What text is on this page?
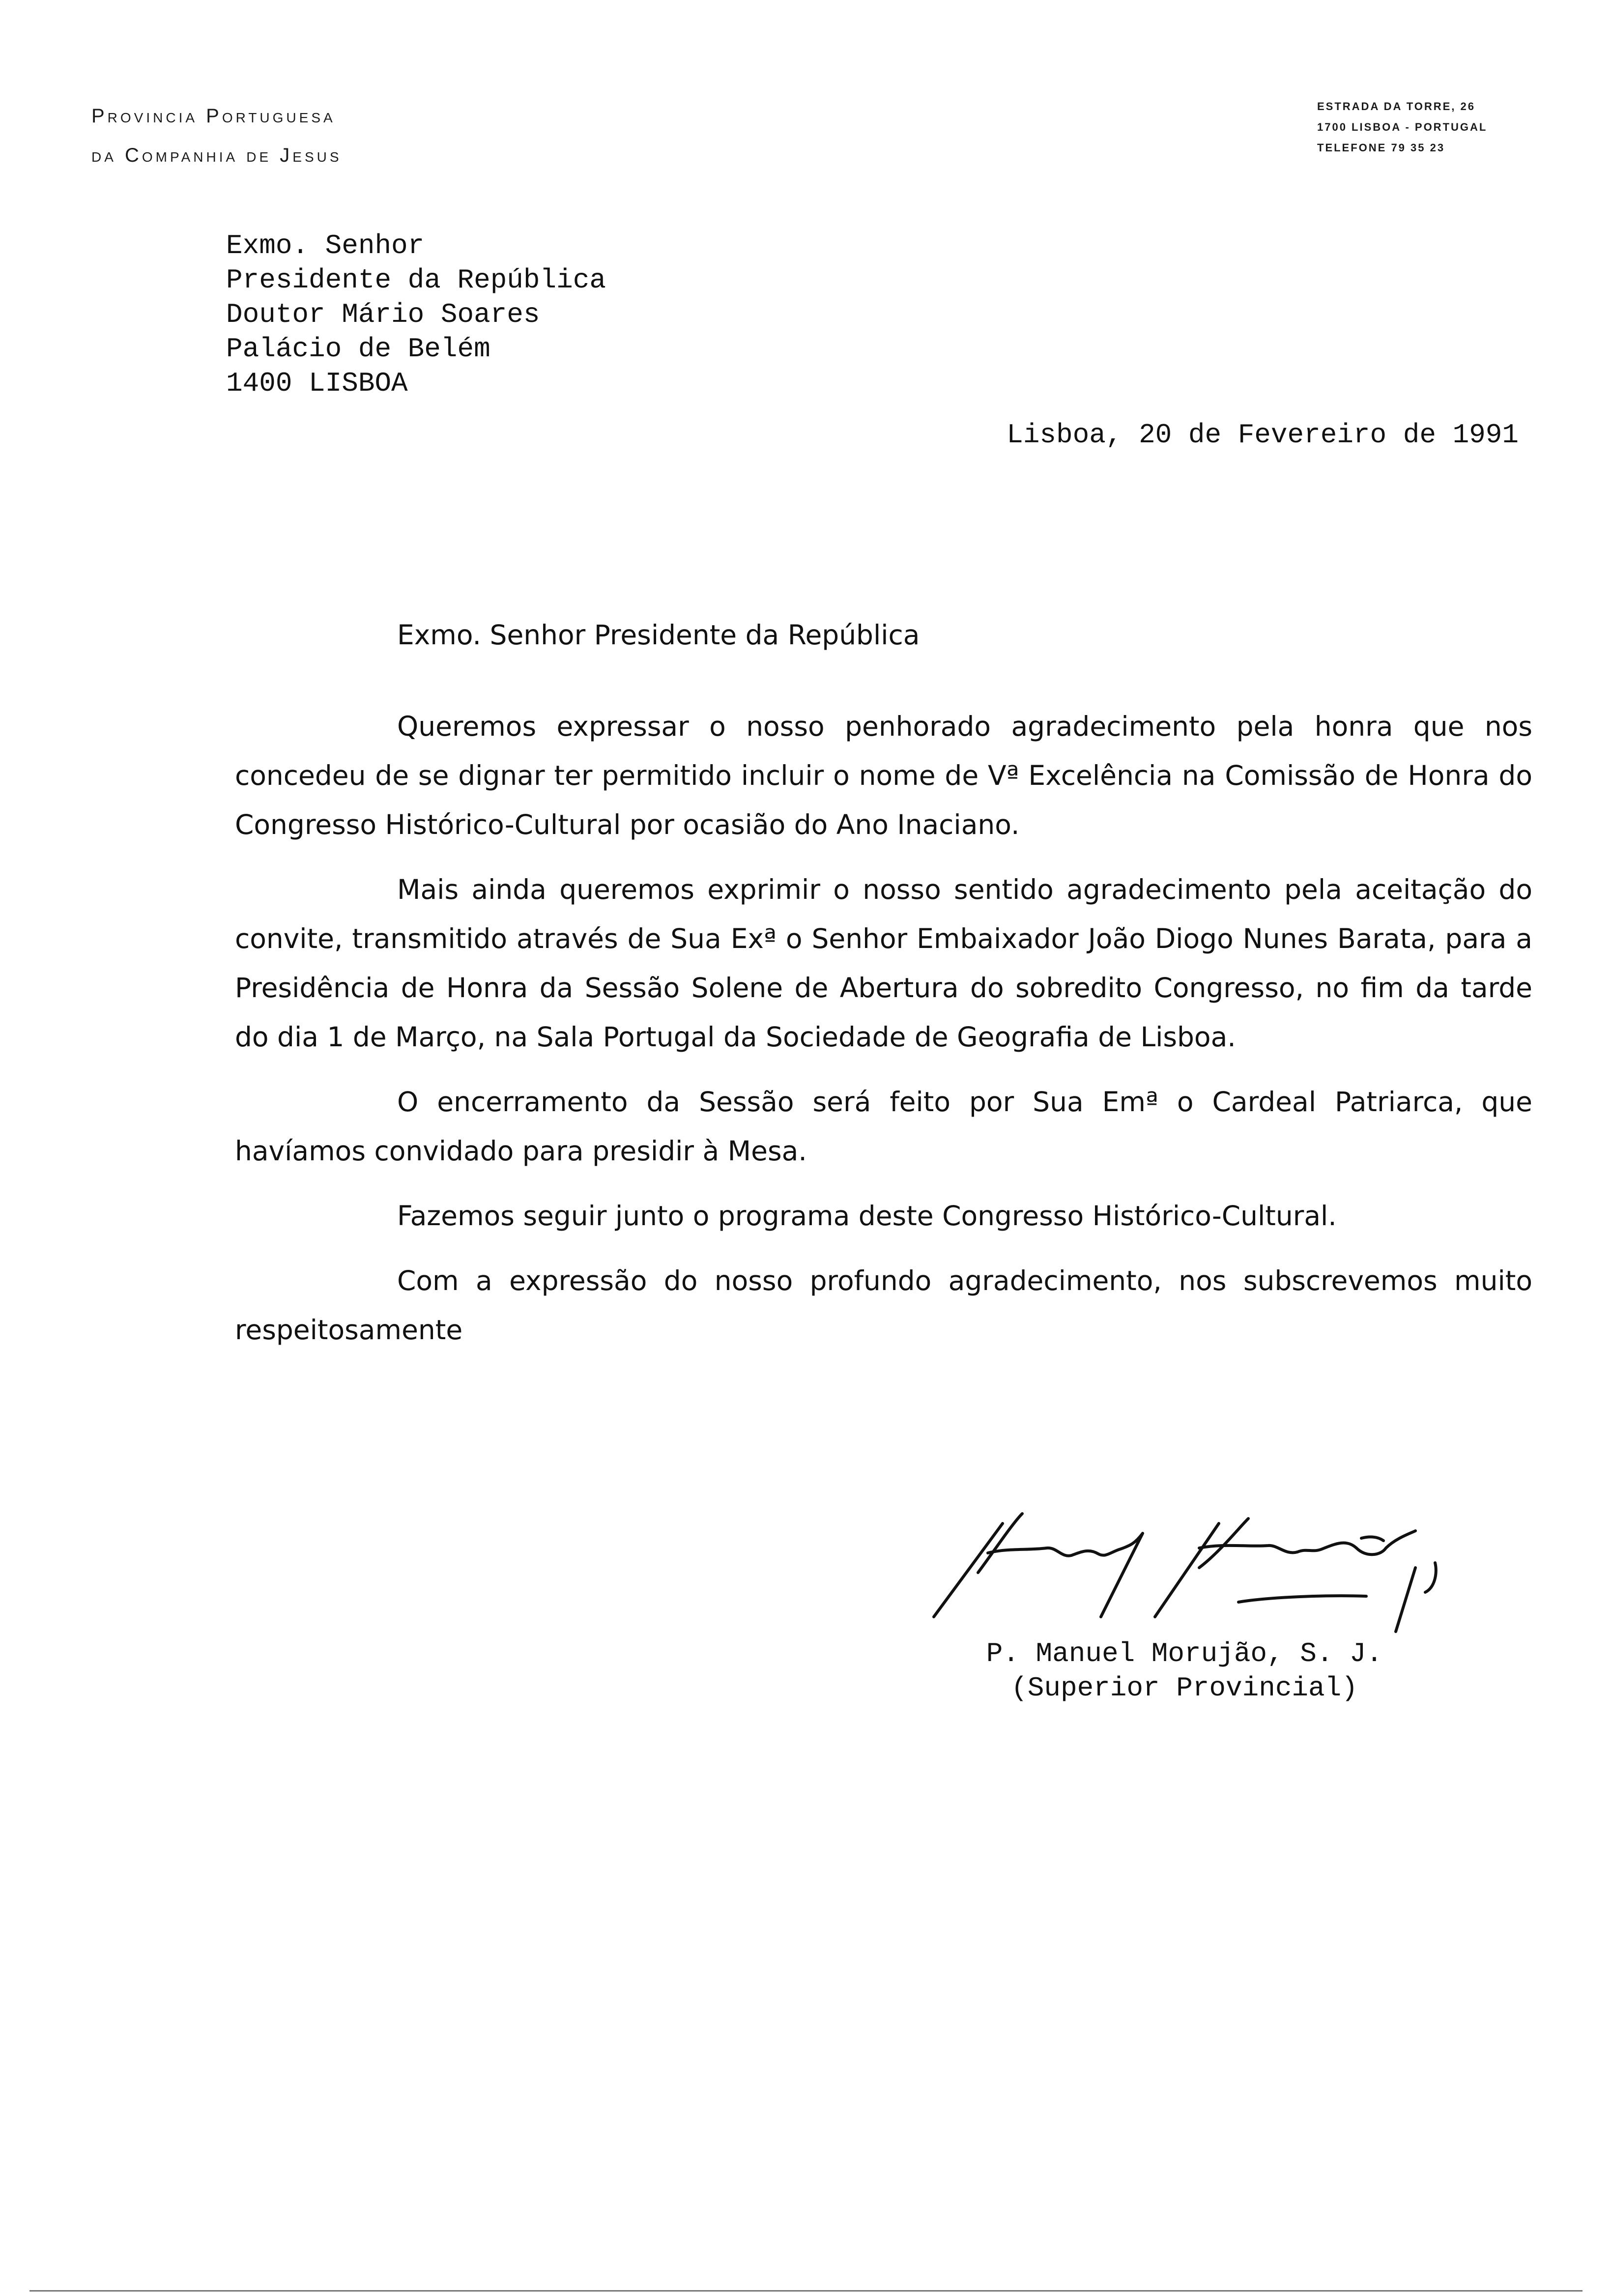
Provincia Portuguesa
da Companhia de Jesus
ESTRADA DA TORRE, 26
1700 LISBOA - PORTUGAL
TELEFONE 79 35 23
Exmo. Senhor
Presidente da República
Doutor Mário Soares
Palácio de Belém
1400 LISBOA
Lisboa, 20 de Fevereiro de 1991
Exmo. Senhor Presidente da República

Queremos expressar o nosso penhorado agradecimento pela honra que nos concedeu de se dignar ter permitido incluir o nome de Vª Excelência na Comissão de Honra do Congresso Histórico-Cultural por ocasião do Ano Inaciano.

Mais ainda queremos exprimir o nosso sentido agradecimento pela aceitação do convite, transmitido através de Sua Exª o Senhor Embaixador João Diogo Nunes Barata, para a Presidência de Honra da Sessão Solene de Abertura do sobredito Congresso, no fim da tarde do dia 1 de Março, na Sala Portugal da Sociedade de Geografia de Lisboa.

O encerramento da Sessão será feito por Sua Emª o Cardeal Patriarca, que havíamos convidado para presidir à Mesa.

Fazemos seguir junto o programa deste Congresso Histórico-Cultural.

Com a expressão do nosso profundo agradecimento, nos subscrevemos muito respeitosamente

P. Manuel Morujão, S. J.
(Superior Provincial)
